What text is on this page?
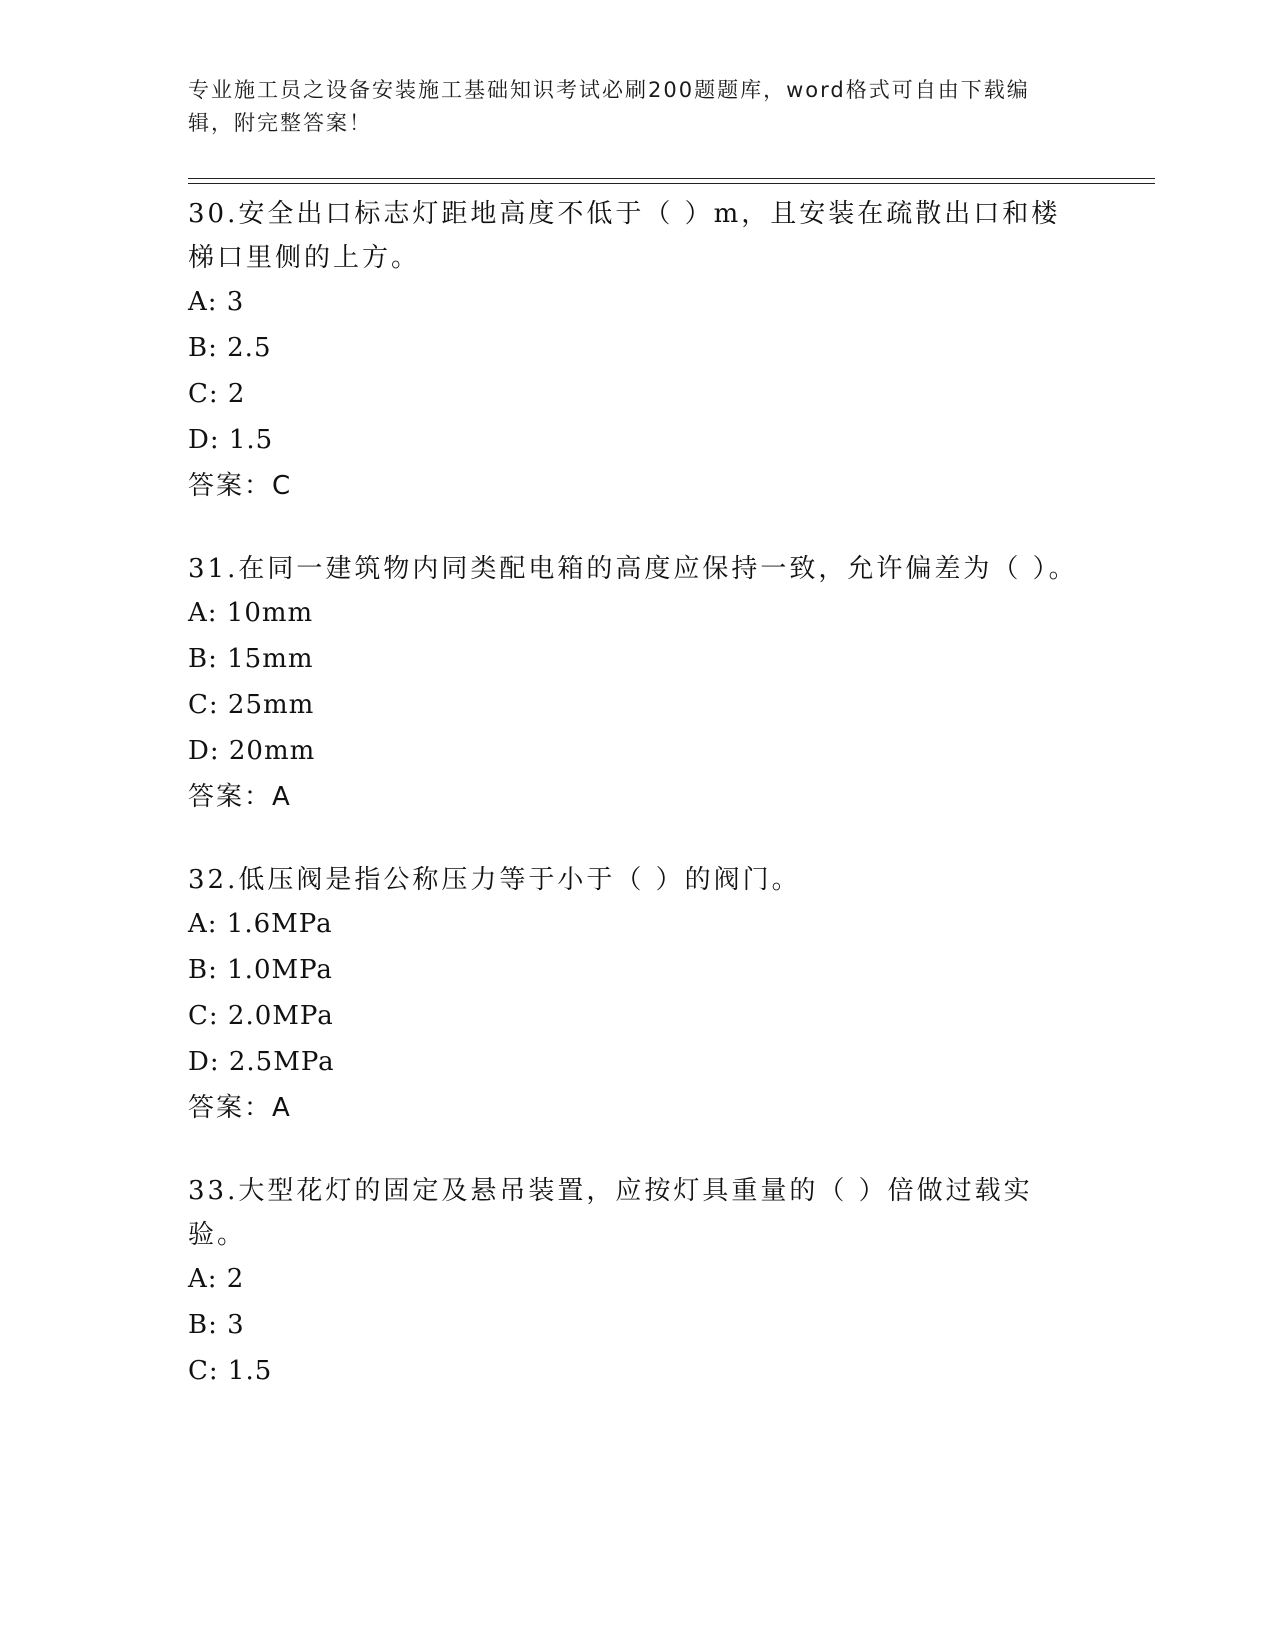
专业施工员之设备安装施工基础知识考试必刷200题题库，word格式可自由下载编辑，附完整答案！
30.安全出口标志灯距地高度不低于（ ）m，且安装在疏散出口和楼梯口里侧的上方。
A: 3
B: 2.5
C: 2
D: 1.5
答案：C
31.在同一建筑物内同类配电箱的高度应保持一致，允许偏差为（ ）。
A: 10mm
B: 15mm
C: 25mm
D: 20mm
答案：A
32.低压阀是指公称压力等于小于（ ）的阀门。
A: 1.6MPa
B: 1.0MPa
C: 2.0MPa
D: 2.5MPa
答案：A
33.大型花灯的固定及悬吊装置，应按灯具重量的（ ）倍做过载实验。
A: 2
B: 3
C: 1.5
